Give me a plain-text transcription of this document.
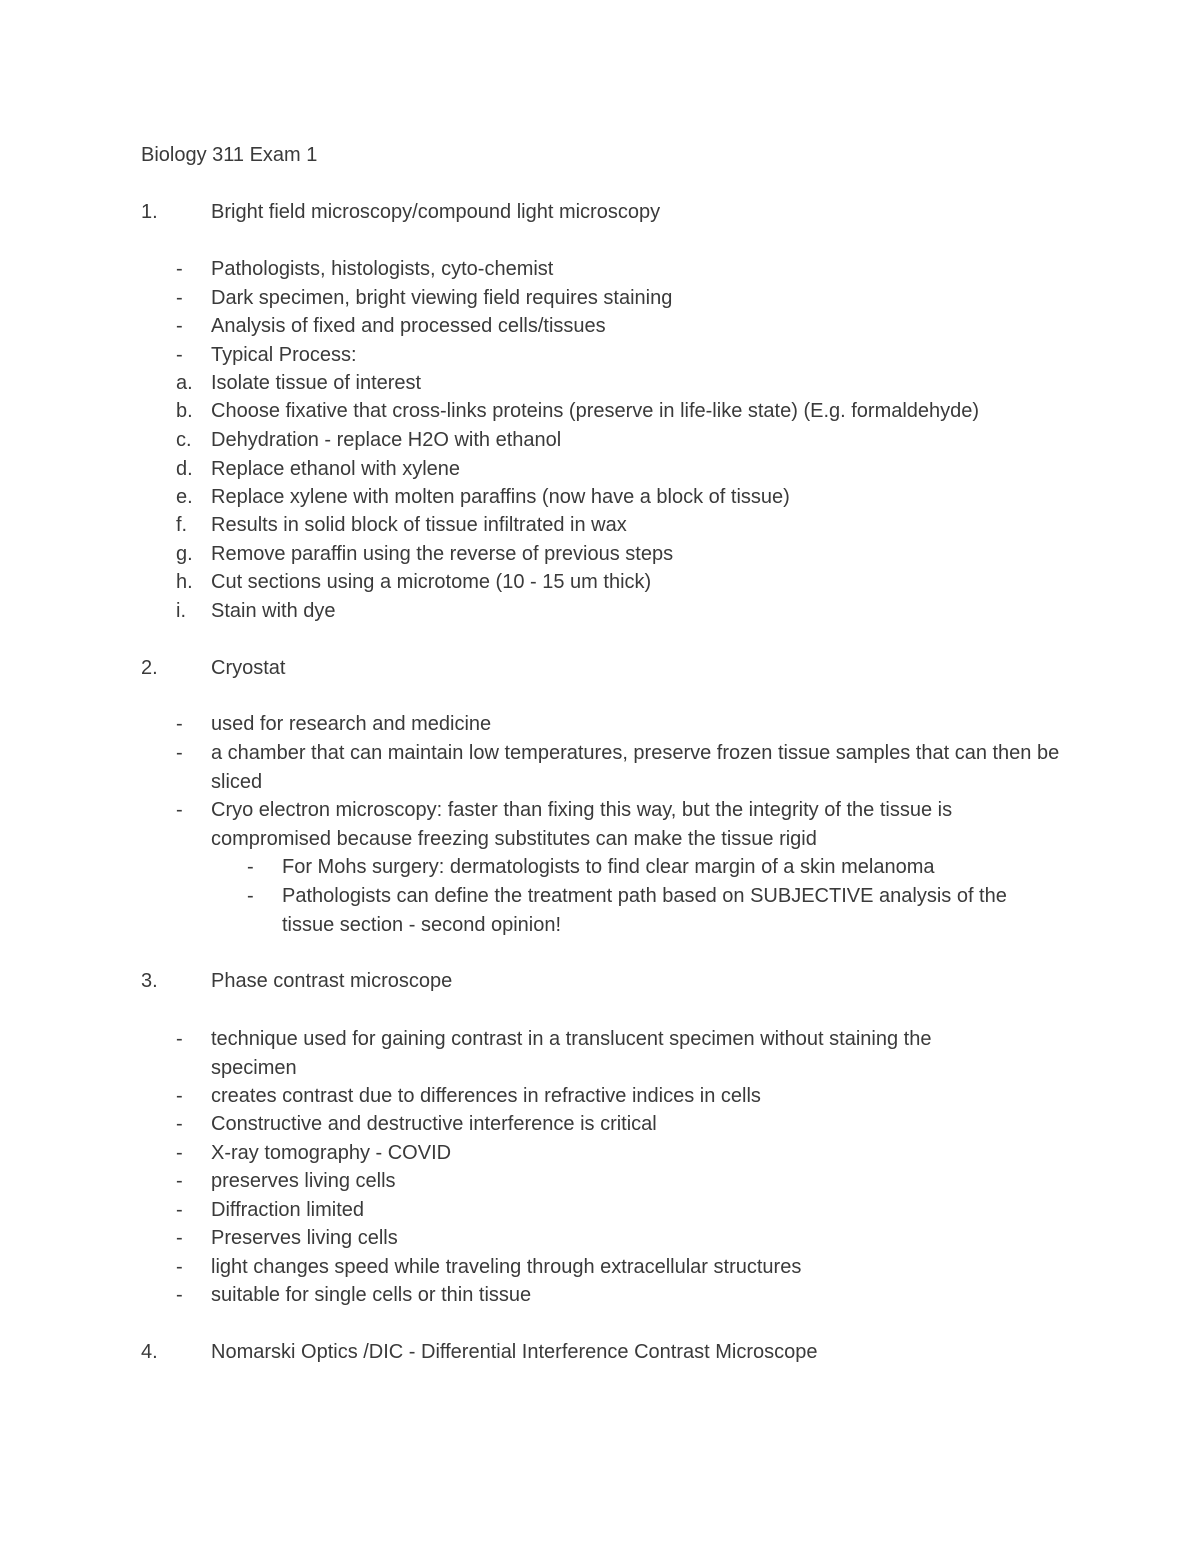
Biology 311 Exam 1
1.	Bright field microscopy/compound light microscopy
- Pathologists, histologists, cyto-chemist
- Dark specimen, bright viewing field requires staining
- Analysis of fixed and processed cells/tissues
- Typical Process:
a. Isolate tissue of interest
b. Choose fixative that cross-links proteins (preserve in life-like state) (E.g. formaldehyde)
c. Dehydration - replace H2O with ethanol
d. Replace ethanol with xylene
e. Replace xylene with molten paraffins (now have a block of tissue)
f. Results in solid block of tissue infiltrated in wax
g. Remove paraffin using the reverse of previous steps
h. Cut sections using a microtome (10 - 15 um thick)
i. Stain with dye
2.	Cryostat
- used for research and medicine
- a chamber that can maintain low temperatures, preserve frozen tissue samples that can then be sliced
- Cryo electron microscopy: faster than fixing this way, but the integrity of the tissue is compromised because freezing substitutes can make the tissue rigid
- For Mohs surgery: dermatologists to find clear margin of a skin melanoma
- Pathologists can define the treatment path based on SUBJECTIVE analysis of the tissue section - second opinion!
3.	Phase contrast microscope
- technique used for gaining contrast in a translucent specimen without staining the specimen
- creates contrast due to differences in refractive indices in cells
- Constructive and destructive interference is critical
- X-ray tomography - COVID
- preserves living cells
- Diffraction limited
- Preserves living cells
- light changes speed while traveling through extracellular structures
- suitable for single cells or thin tissue
4.	Nomarski Optics /DIC - Differential Interference Contrast Microscope
